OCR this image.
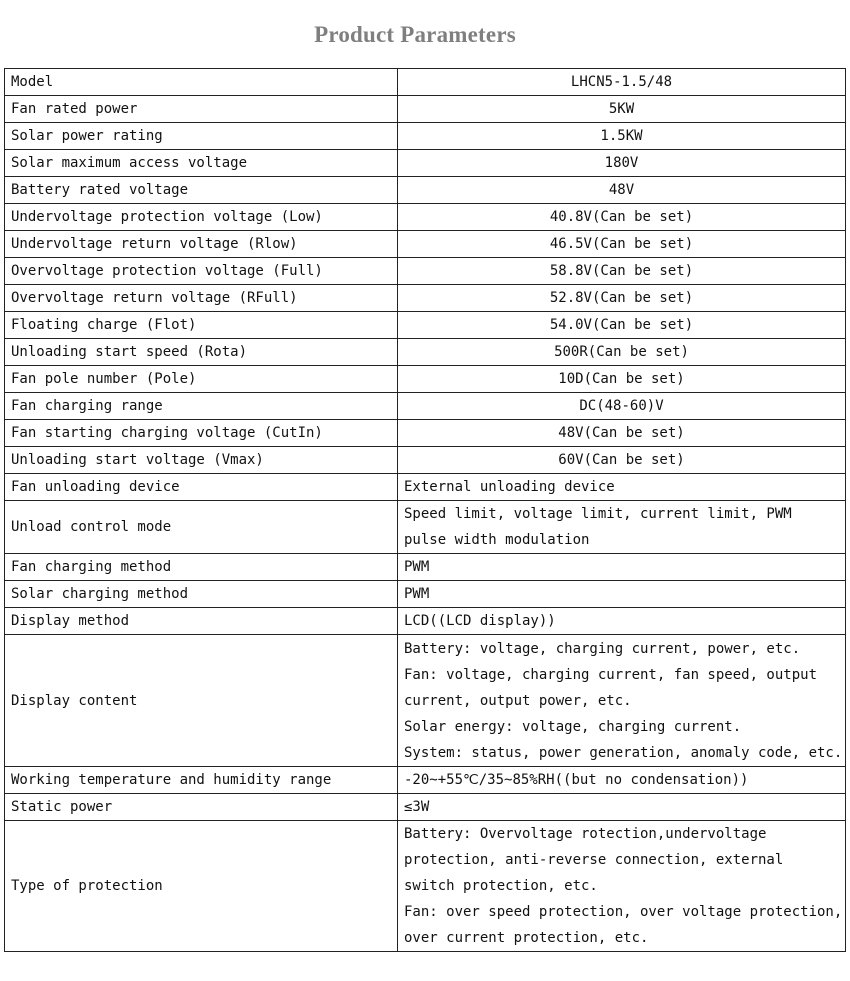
Product Parameters
Model	LHCN5-1.5/48

Fan rated power	5KW

Solar power rating	1.5KW

Solar maximum access voltage	180V

Battery rated voltage	48V

Undervoltage protection voltage (Low)	40.8V(Can be set)

Undervoltage return voltage (Rlow)	46.5V(Can be set)

Overvoltage protection voltage (Full)	58.8V(Can be set)

Overvoltage return voltage (RFull)	52.8V(Can be set)

Floating charge (Flot)	54.0V(Can be set)

Unloading start speed (Rota)	500R(Can be set)

Fan pole number (Pole)	10D(Can be set)

Fan charging range	DC(48-60)V

Fan starting charging voltage (CutIn)	48V(Can be set)

Unloading start voltage (Vmax)	60V(Can be set)

Fan unloading device	External unloading device

Unload control mode	Speed limit, voltage limit, current limit, PWM pulse width modulation

Fan charging method	PWM

Solar charging method	PWM

Display method	LCD((LCD display))

Display content	Battery: voltage, charging current, power, etc.
Fan: voltage, charging current, fan speed, output
current, output power, etc.
Solar energy: voltage, charging current.
System: status, power generation, anomaly code, etc.

Working temperature and humidity range	-20~+55℃/35~85%RH((but no condensation))

Static power	≤3W

Type of protection	Battery: Overvoltage rotection,undervoltage
protection, anti-reverse connection, external
switch protection, etc.
Fan: over speed protection, over voltage protection,
over current protection, etc.
